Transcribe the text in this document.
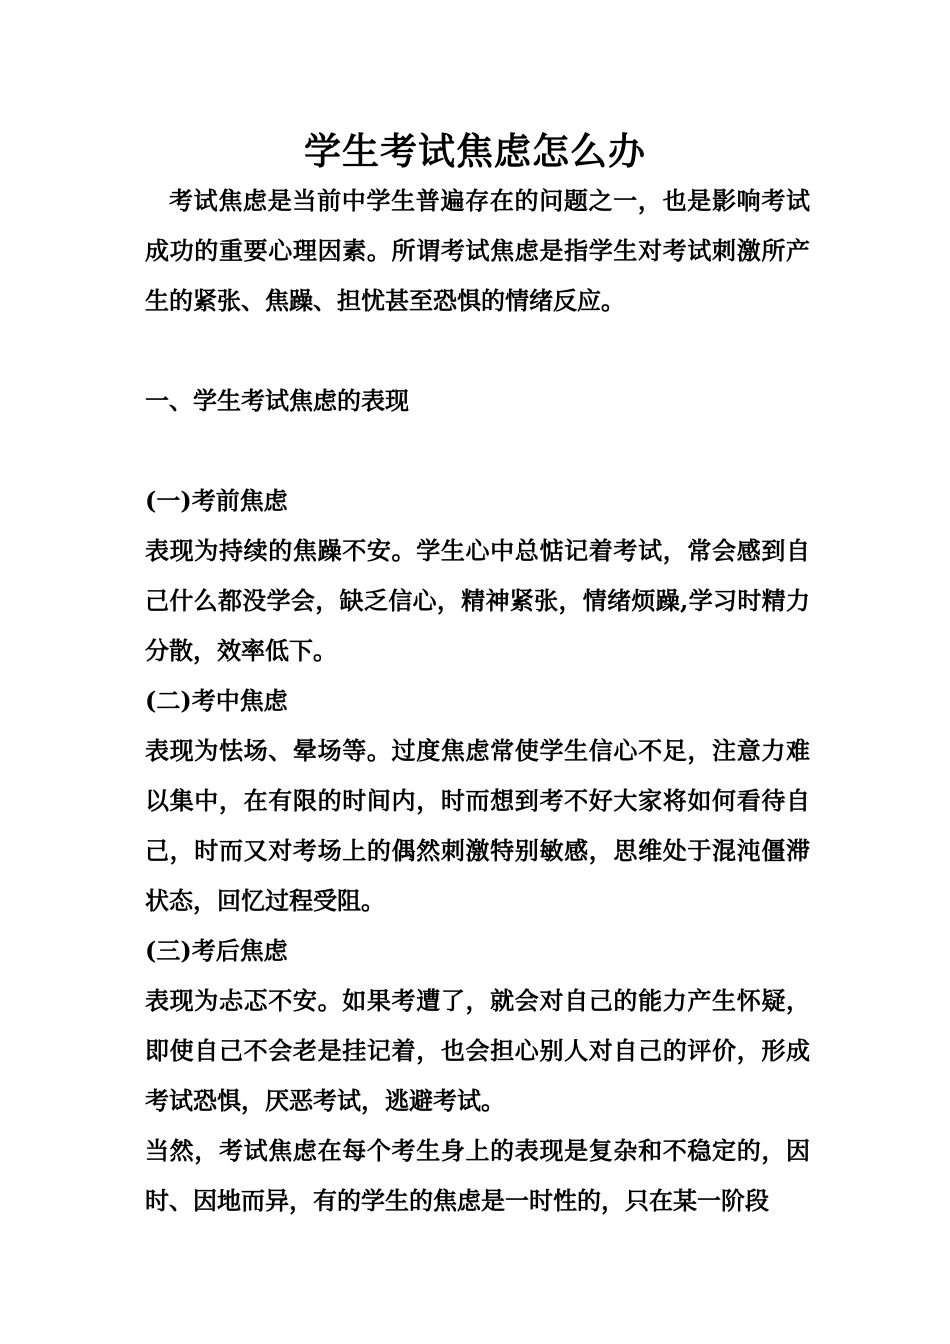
学生考试焦虑怎么办

考试焦虑是当前中学生普遍存在的问题之一，也是影响考试成功的重要心理因素。所谓考试焦虑是指学生对考试刺激所产生的紧张、焦躁、担忧甚至恐惧的情绪反应。

一、学生考试焦虑的表现

(一)考前焦虑

表现为持续的焦躁不安。学生心中总惦记着考试，常会感到自己什么都没学会，缺乏信心，精神紧张，情绪烦躁,学习时精力分散，效率低下。

(二)考中焦虑

表现为怯场、晕场等。过度焦虑常使学生信心不足，注意力难以集中，在有限的时间内，时而想到考不好大家将如何看待自己，时而又对考场上的偶然刺激特别敏感，思维处于混沌僵滞状态，回忆过程受阻。

(三)考后焦虑

表现为忐忑不安。如果考遭了，就会对自己的能力产生怀疑，即使自己不会老是挂记着，也会担心别人对自己的评价，形成考试恐惧，厌恶考试，逃避考试。

当然，考试焦虑在每个考生身上的表现是复杂和不稳定的，因时、因地而异，有的学生的焦虑是一时性的，只在某一阶段
